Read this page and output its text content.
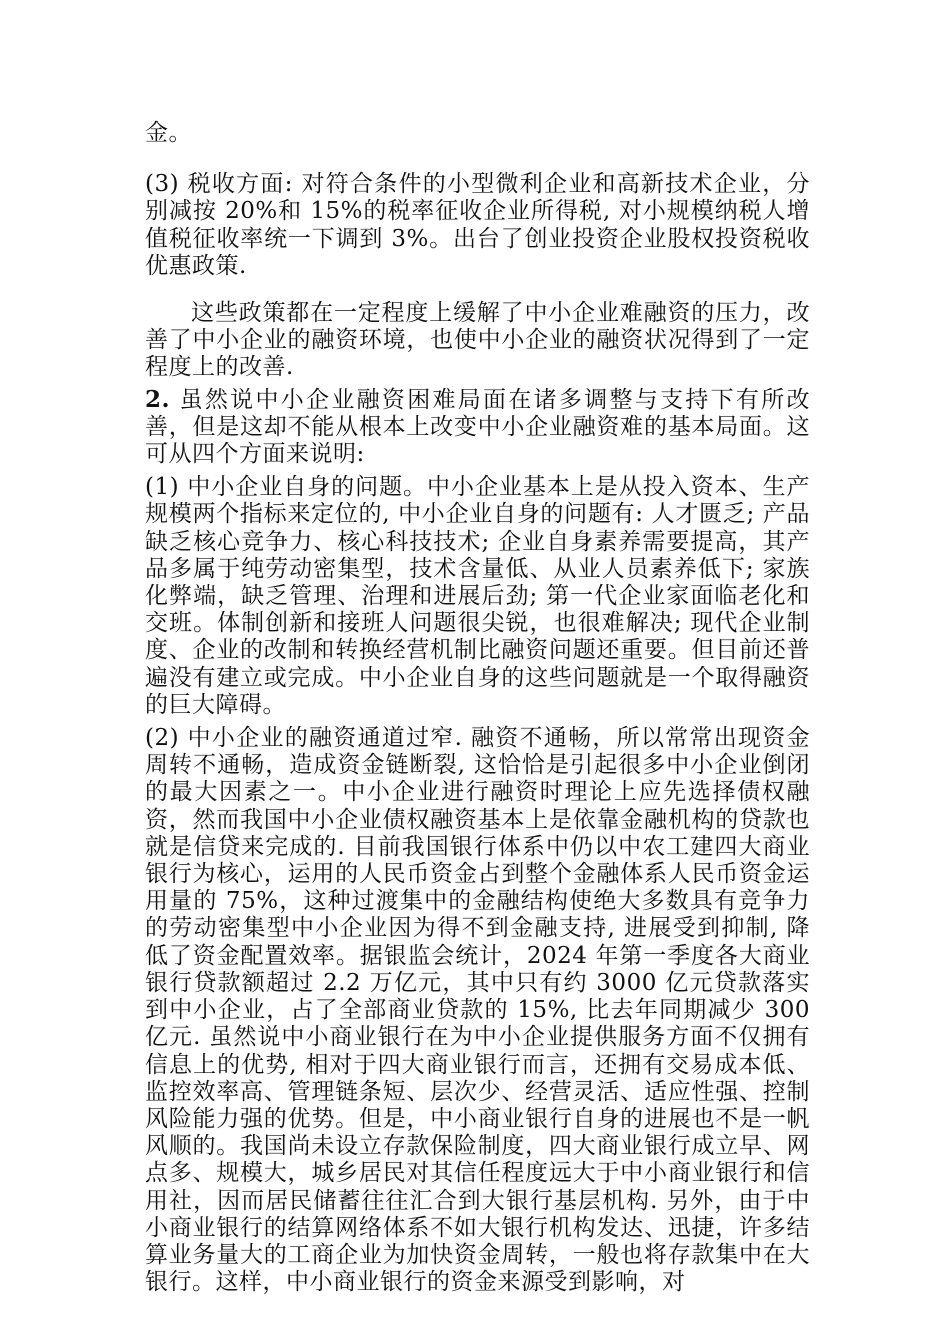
金。

(3) 税收方面: 对符合条件的小型微利企业和高新技术企业，分别减按 20%和 15%的税率征收企业所得税, 对小规模纳税人增值税征收率统一下调到 3%。出台了创业投资企业股权投资税收优惠政策.

这些政策都在一定程度上缓解了中小企业难融资的压力，改善了中小企业的融资环境，也使中小企业的融资状况得到了一定程度上的改善.

2. 虽然说中小企业融资困难局面在诸多调整与支持下有所改善，但是这却不能从根本上改变中小企业融资难的基本局面。这可从四个方面来说明:

(1) 中小企业自身的问题。中小企业基本上是从投入资本、生产规模两个指标来定位的, 中小企业自身的问题有: 人才匮乏; 产品缺乏核心竞争力、核心科技技术; 企业自身素养需要提高，其产品多属于纯劳动密集型，技术含量低、从业人员素养低下; 家族化弊端，缺乏管理、治理和进展后劲; 第一代企业家面临老化和交班。体制创新和接班人问题很尖锐，也很难解决; 现代企业制度、企业的改制和转换经营机制比融资问题还重要。但目前还普遍没有建立或完成。中小企业自身的这些问题就是一个取得融资的巨大障碍。

(2) 中小企业的融资通道过窄. 融资不通畅，所以常常出现资金周转不通畅，造成资金链断裂, 这恰恰是引起很多中小企业倒闭的最大因素之一。中小企业进行融资时理论上应先选择债权融资，然而我国中小企业债权融资基本上是依靠金融机构的贷款也就是信贷来完成的. 目前我国银行体系中仍以中农工建四大商业银行为核心，运用的人民币资金占到整个金融体系人民币资金运用量的 75%，这种过渡集中的金融结构使绝大多数具有竞争力的劳动密集型中小企业因为得不到金融支持, 进展受到抑制, 降低了资金配置效率。据银监会统计，2024 年第一季度各大商业银行贷款额超过 2.2 万亿元，其中只有约 3000 亿元贷款落实到中小企业，占了全部商业贷款的 15%, 比去年同期减少 300 亿元. 虽然说中小商业银行在为中小企业提供服务方面不仅拥有信息上的优势, 相对于四大商业银行而言，还拥有交易成本低、监控效率高、管理链条短、层次少、经营灵活、适应性强、控制风险能力强的优势。但是，中小商业银行自身的进展也不是一帆风顺的。我国尚未设立存款保险制度，四大商业银行成立早、网点多、规模大，城乡居民对其信任程度远大于中小商业银行和信用社，因而居民储蓄往往汇合到大银行基层机构. 另外，由于中小商业银行的结算网络体系不如大银行机构发达、迅捷，许多结算业务量大的工商企业为加快资金周转，一般也将存款集中在大银行。这样，中小商业银行的资金来源受到影响，对
